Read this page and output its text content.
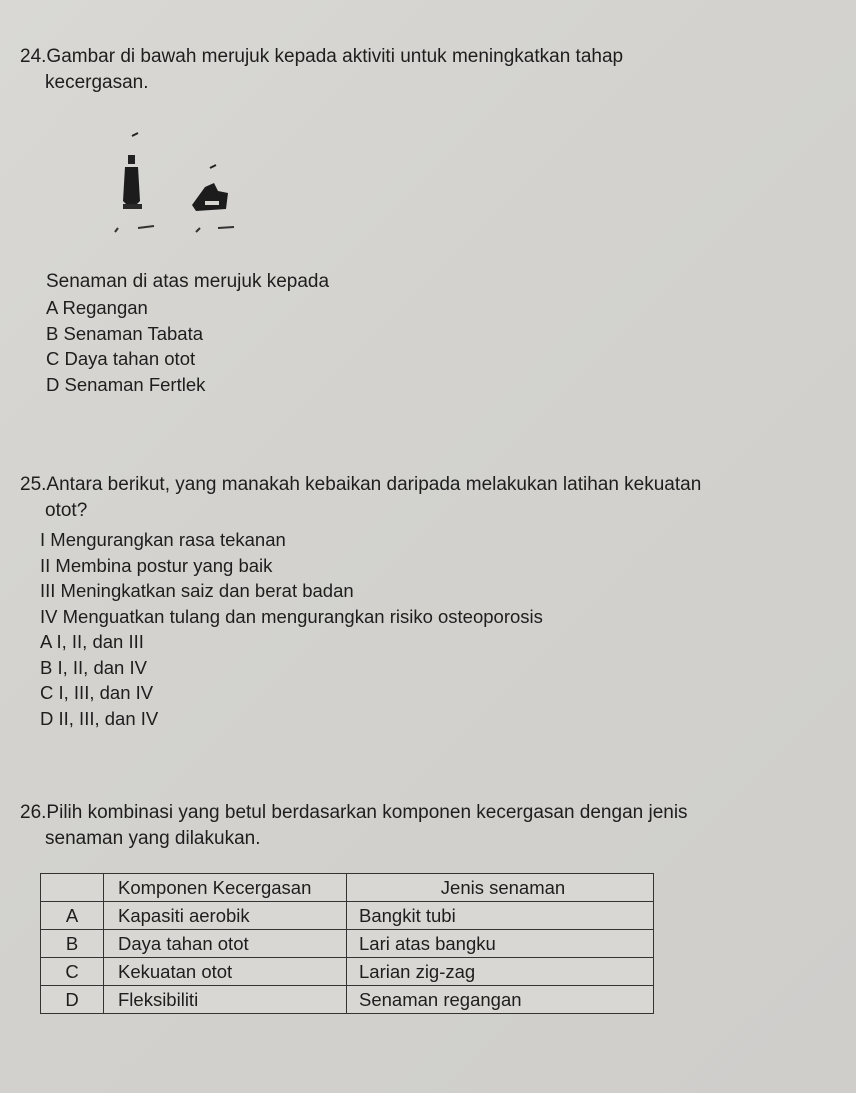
24.Gambar di bawah merujuk kepada aktiviti untuk meningkatkan tahap

kecergasan.

Senaman di atas merujuk kepada

A Regangan
B Senaman Tabata
C Daya tahan otot
D Senaman Fertlek

25.Antara berikut, yang manakah kebaikan daripada melakukan latihan kekuatan

otot?

I Mengurangkan rasa tekanan
II Membina postur yang baik
III Meningkatkan saiz dan berat badan
IV Menguatkan tulang dan mengurangkan risiko osteoporosis
A I, II, dan III
B I, II, dan IV
C I, III, dan IV
D II, III, dan IV

26.Pilih kombinasi yang betul berdasarkan komponen kecergasan dengan jenis

senaman yang dilakukan.

	Komponen Kecergasan	Jenis senaman
A	Kapasiti aerobik	Bangkit tubi
B	Daya tahan otot	Lari atas bangku
C	Kekuatan otot	Larian zig-zag
D	Fleksibiliti	Senaman regangan
